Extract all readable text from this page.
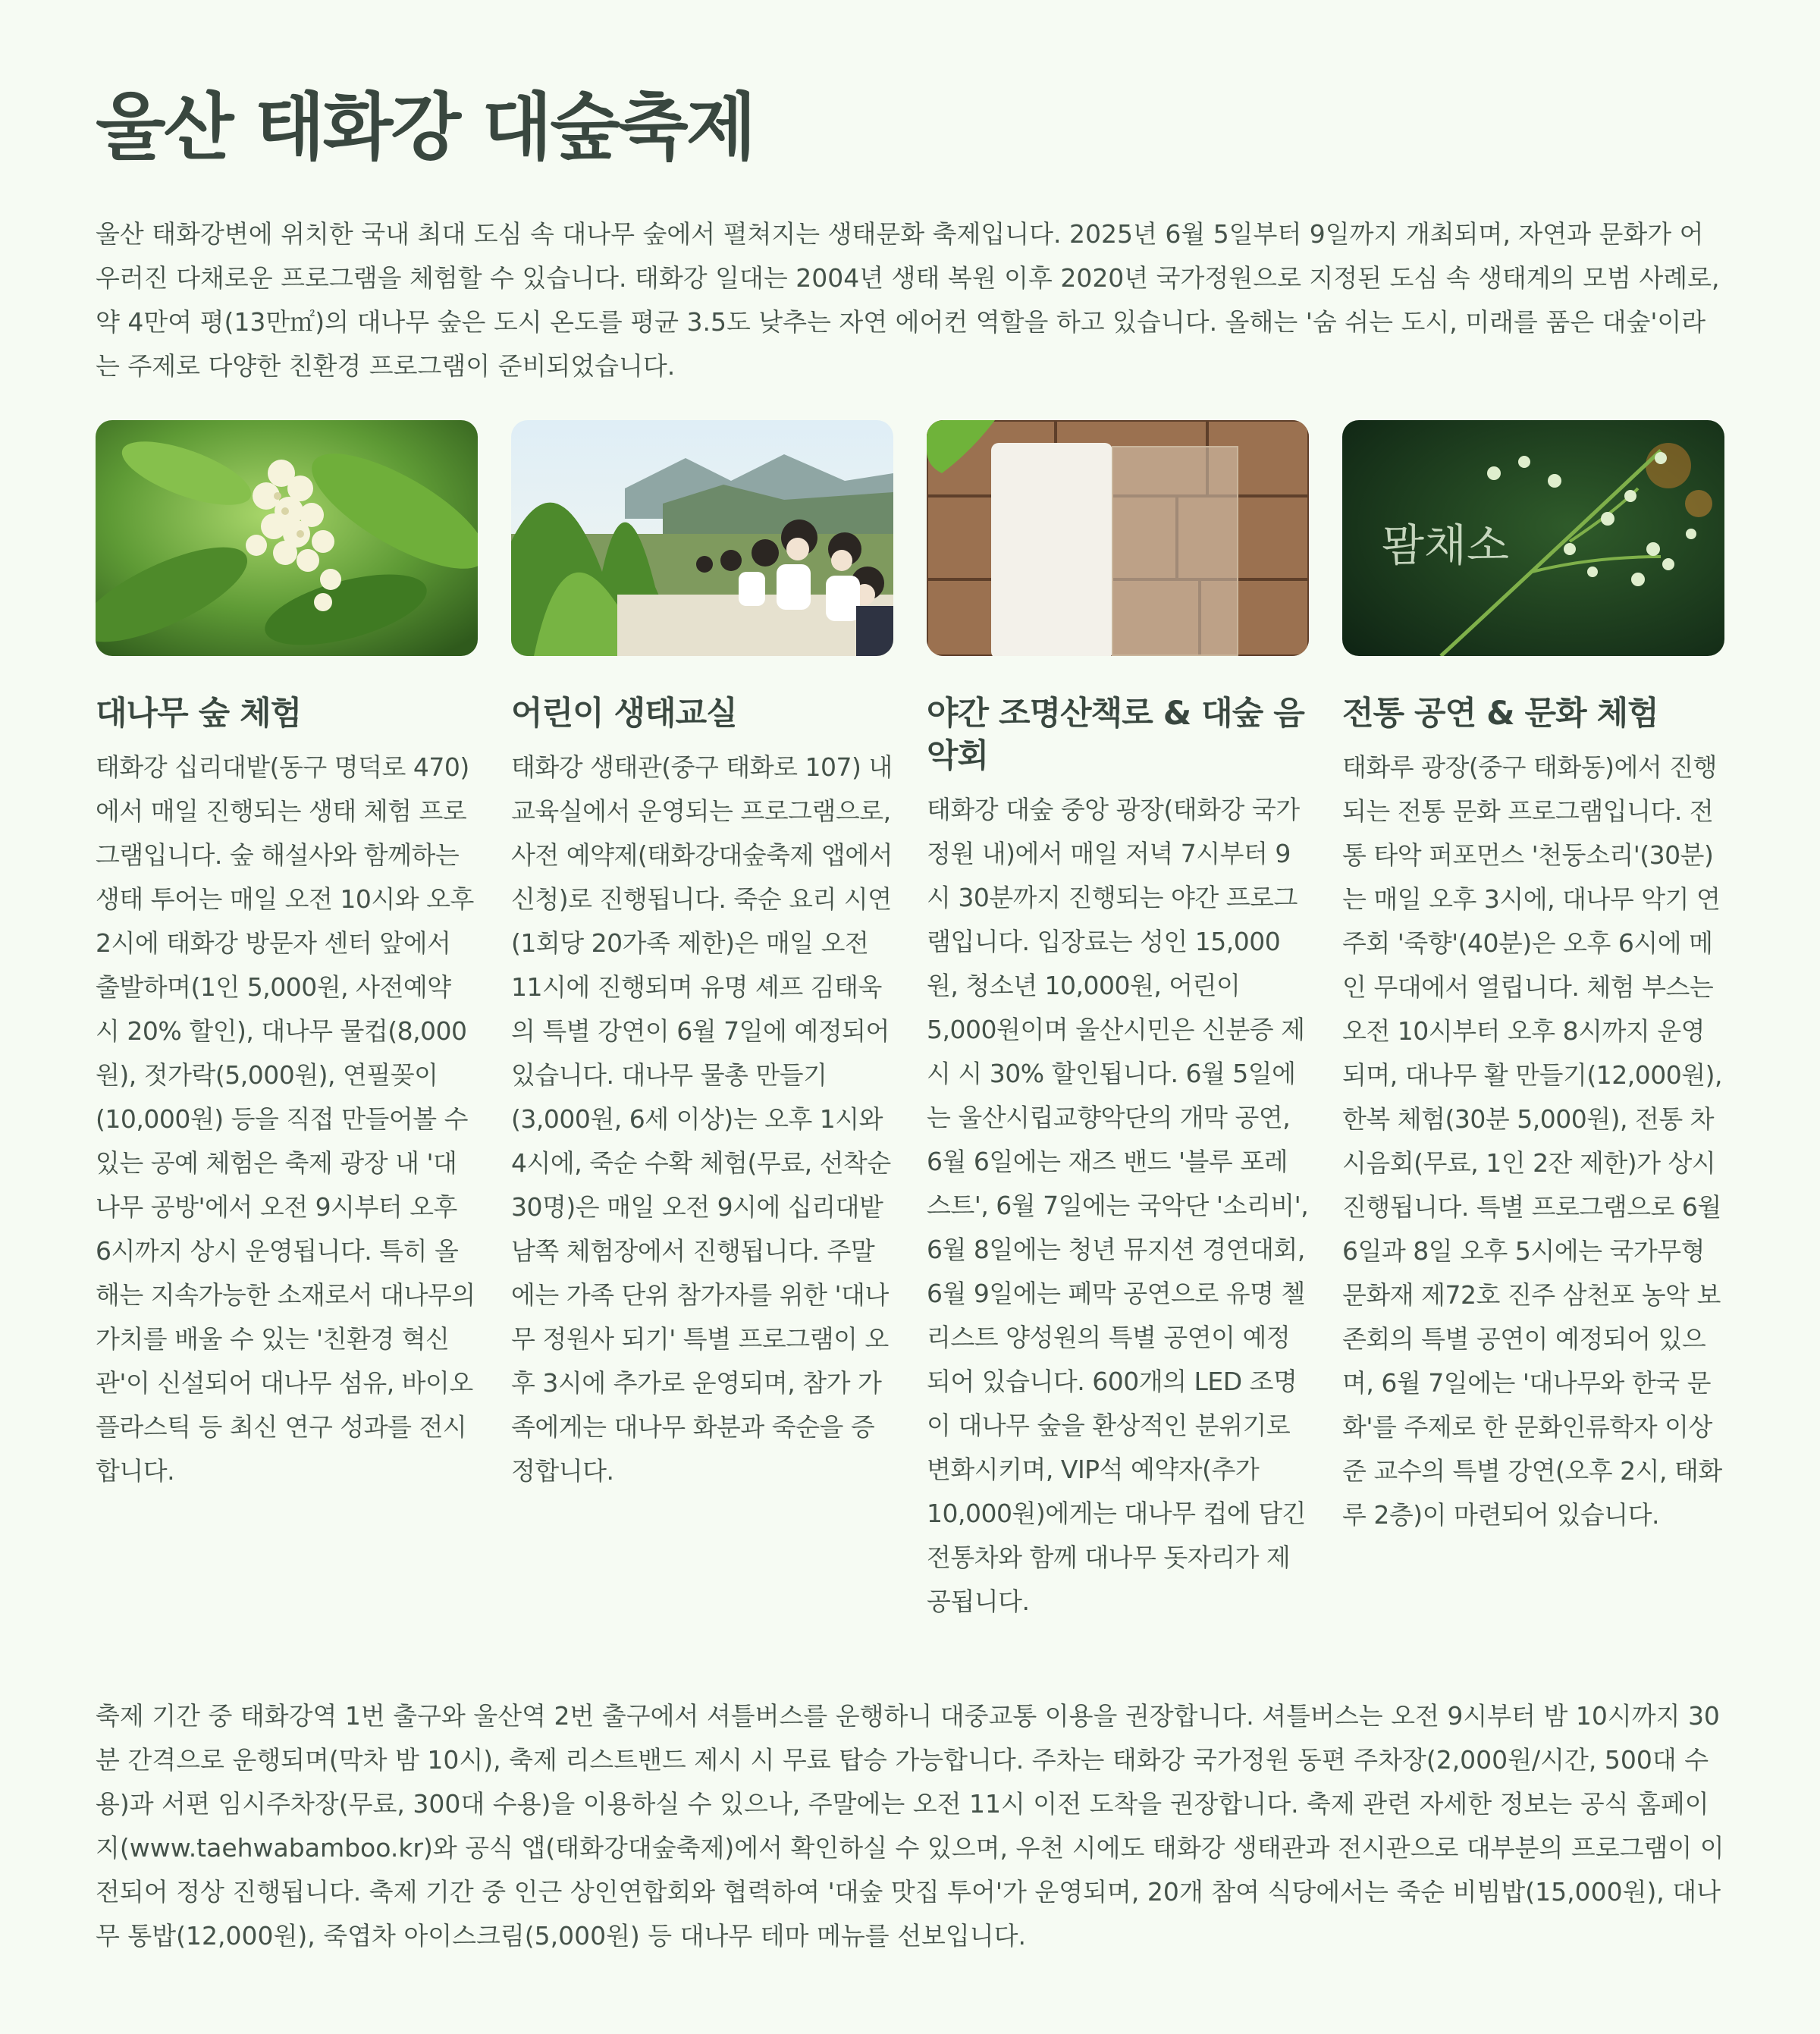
울산 태화강 대숲축제

울산 태화강변에 위치한 국내 최대 도심 속 대나무 숲에서 펼쳐지는 생태문화 축제입니다. 2025년 6월 5일부터 9일까지 개최되며, 자연과 문화가 어우러진 다채로운 프로그램을 체험할 수 있습니다. 태화강 일대는 2004년 생태 복원 이후 2020년 국가정원으로 지정된 도심 속 생태계의 모범 사례로, 약 4만여 평(13만㎡)의 대나무 숲은 도시 온도를 평균 3.5도 낮추는 자연 에어컨 역할을 하고 있습니다. 올해는 '숨 쉬는 도시, 미래를 품은 대숲'이라는 주제로 다양한 친환경 프로그램이 준비되었습니다.

대나무 숲 체험

태화강 십리대밭(동구 명덕로 470)에서 매일 진행되는 생태 체험 프로그램입니다. 숲 해설사와 함께하는 생태 투어는 매일 오전 10시와 오후 2시에 태화강 방문자 센터 앞에서 출발하며(1인 5,000원, 사전예약 시 20% 할인), 대나무 물컵(8,000원), 젓가락(5,000원), 연필꽂이(10,000원) 등을 직접 만들어볼 수 있는 공예 체험은 축제 광장 내 '대나무 공방'에서 오전 9시부터 오후 6시까지 상시 운영됩니다. 특히 올해는 지속가능한 소재로서 대나무의 가치를 배울 수 있는 '친환경 혁신관'이 신설되어 대나무 섬유, 바이오플라스틱 등 최신 연구 성과를 전시합니다.

어린이 생태교실

태화강 생태관(중구 태화로 107) 내 교육실에서 운영되는 프로그램으로, 사전 예약제(태화강대숲축제 앱에서 신청)로 진행됩니다. 죽순 요리 시연(1회당 20가족 제한)은 매일 오전 11시에 진행되며 유명 셰프 김태욱의 특별 강연이 6월 7일에 예정되어 있습니다. 대나무 물총 만들기(3,000원, 6세 이상)는 오후 1시와 4시에, 죽순 수확 체험(무료, 선착순 30명)은 매일 오전 9시에 십리대밭 남쪽 체험장에서 진행됩니다. 주말에는 가족 단위 참가자를 위한 '대나무 정원사 되기' 특별 프로그램이 오후 3시에 추가로 운영되며, 참가 가족에게는 대나무 화분과 죽순을 증정합니다.

야간 조명산책로 & 대숲 음악회

태화강 대숲 중앙 광장(태화강 국가정원 내)에서 매일 저녁 7시부터 9시 30분까지 진행되는 야간 프로그램입니다. 입장료는 성인 15,000원, 청소년 10,000원, 어린이 5,000원이며 울산시민은 신분증 제시 시 30% 할인됩니다. 6월 5일에는 울산시립교향악단의 개막 공연, 6월 6일에는 재즈 밴드 '블루 포레스트', 6월 7일에는 국악단 '소리비', 6월 8일에는 청년 뮤지션 경연대회, 6월 9일에는 폐막 공연으로 유명 첼리스트 양성원의 특별 공연이 예정되어 있습니다. 600개의 LED 조명이 대나무 숲을 환상적인 분위기로 변화시키며, VIP석 예약자(추가 10,000원)에게는 대나무 컵에 담긴 전통차와 함께 대나무 돗자리가 제공됩니다.

뫔채소
전통 공연 & 문화 체험

태화루 광장(중구 태화동)에서 진행되는 전통 문화 프로그램입니다. 전통 타악 퍼포먼스 '천둥소리'(30분)는 매일 오후 3시에, 대나무 악기 연주회 '죽향'(40분)은 오후 6시에 메인 무대에서 열립니다. 체험 부스는 오전 10시부터 오후 8시까지 운영되며, 대나무 활 만들기(12,000원), 한복 체험(30분 5,000원), 전통 차 시음회(무료, 1인 2잔 제한)가 상시 진행됩니다. 특별 프로그램으로 6월 6일과 8일 오후 5시에는 국가무형문화재 제72호 진주 삼천포 농악 보존회의 특별 공연이 예정되어 있으며, 6월 7일에는 '대나무와 한국 문화'를 주제로 한 문화인류학자 이상준 교수의 특별 강연(오후 2시, 태화루 2층)이 마련되어 있습니다.

축제 기간 중 태화강역 1번 출구와 울산역 2번 출구에서 셔틀버스를 운행하니 대중교통 이용을 권장합니다. 셔틀버스는 오전 9시부터 밤 10시까지 30분 간격으로 운행되며(막차 밤 10시), 축제 리스트밴드 제시 시 무료 탑승 가능합니다. 주차는 태화강 국가정원 동편 주차장(2,000원/시간, 500대 수용)과 서편 임시주차장(무료, 300대 수용)을 이용하실 수 있으나, 주말에는 오전 11시 이전 도착을 권장합니다. 축제 관련 자세한 정보는 공식 홈페이지(www.taehwabamboo.kr)와 공식 앱(태화강대숲축제)에서 확인하실 수 있으며, 우천 시에도 태화강 생태관과 전시관으로 대부분의 프로그램이 이전되어 정상 진행됩니다. 축제 기간 중 인근 상인연합회와 협력하여 '대숲 맛집 투어'가 운영되며, 20개 참여 식당에서는 죽순 비빔밥(15,000원), 대나무 통밥(12,000원), 죽엽차 아이스크림(5,000원) 등 대나무 테마 메뉴를 선보입니다.
